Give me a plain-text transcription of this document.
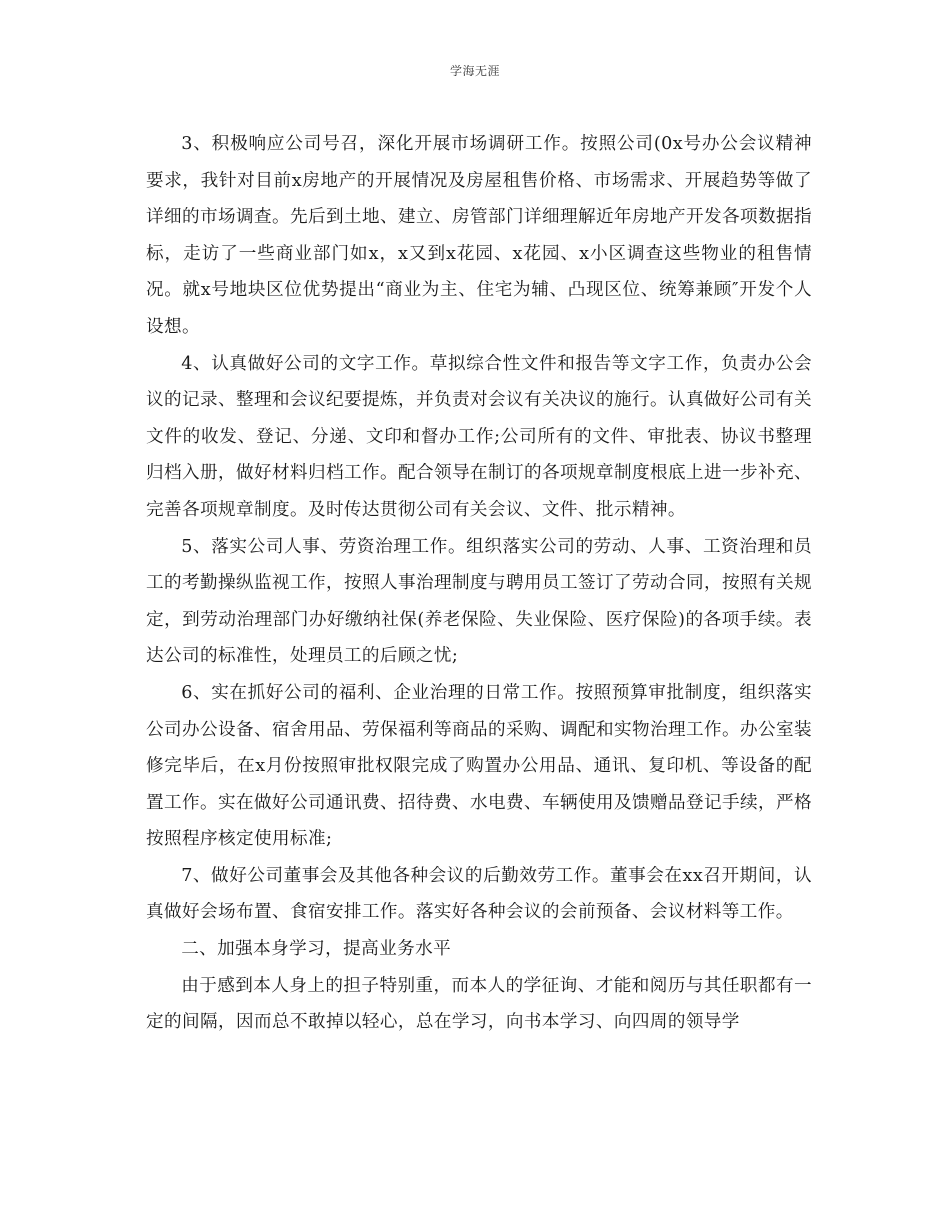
学海无涯

3、积极响应公司号召，深化开展市场调研工作。按照公司(0x号办公会议精神要求，我针对目前x房地产的开展情况及房屋租售价格、市场需求、开展趋势等做了详细的市场调查。先后到土地、建立、房管部门详细理解近年房地产开发各项数据指标，走访了一些商业部门如x，x又到x花园、x花园、x小区调查这些物业的租售情况。就x号地块区位优势提出“商业为主、住宅为辅、凸现区位、统筹兼顾″开发个人设想。

4、认真做好公司的文字工作。草拟综合性文件和报告等文字工作，负责办公会议的记录、整理和会议纪要提炼，并负责对会议有关决议的施行。认真做好公司有关文件的收发、登记、分递、文印和督办工作;公司所有的文件、审批表、协议书整理归档入册，做好材料归档工作。配合领导在制订的各项规章制度根底上进一步补充、完善各项规章制度。及时传达贯彻公司有关会议、文件、批示精神。

5、落实公司人事、劳资治理工作。组织落实公司的劳动、人事、工资治理和员工的考勤操纵监视工作，按照人事治理制度与聘用员工签订了劳动合同，按照有关规定，到劳动治理部门办好缴纳社保(养老保险、失业保险、医疗保险)的各项手续。表达公司的标准性，处理员工的后顾之忧;

6、实在抓好公司的福利、企业治理的日常工作。按照预算审批制度，组织落实公司办公设备、宿舍用品、劳保福利等商品的采购、调配和实物治理工作。办公室装修完毕后，在x月份按照审批权限完成了购置办公用品、通讯、复印机、等设备的配置工作。实在做好公司通讯费、招待费、水电费、车辆使用及馈赠品登记手续，严格按照程序核定使用标准;

7、做好公司董事会及其他各种会议的后勤效劳工作。董事会在xx召开期间，认真做好会场布置、食宿安排工作。落实好各种会议的会前预备、会议材料等工作。

二、加强本身学习，提高业务水平

由于感到本人身上的担子特别重，而本人的学征询、才能和阅历与其任职都有一定的间隔，因而总不敢掉以轻心，总在学习，向书本学习、向四周的领导学
